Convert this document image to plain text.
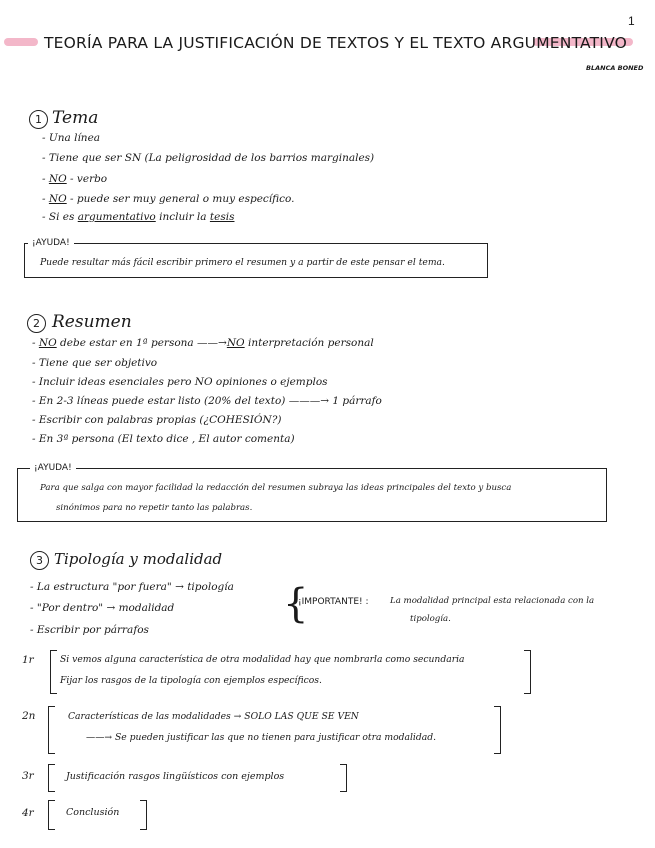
TEORÍA PARA LA JUSTIFICACIÓN DE TEXTOS Y EL TEXTO ARGUMENTATIVO
1
BLANCA BONED
1 Tema
- Una línea
- Tiene que ser SN (La peligrosidad de los barrios marginales)
- NO - verbo
- NO - puede ser muy general o muy específico.
- Si es argumentativo incluir la tesis
¡AYUDA!
Puede resultar más fácil escribir primero el resumen y a partir de este pensar el tema.
2 Resumen
- NO debe estar en 1ª persona ——→NO interpretación personal
- Tiene que ser objetivo
- Incluir ideas esenciales pero NO opiniones o ejemplos
- En 2-3 líneas puede estar listo (20% del texto) ———→ 1 párrafo
- Escribir con palabras propias (¿COHESIÓN?)
- En 3ª persona (El texto dice , El autor comenta)
¡AYUDA!
Para que salga con mayor facilidad la redacción del resumen subraya las ideas principales del texto y busca
sinónimos para no repetir tanto las palabras.
3 Tipología y modalidad
- La estructura "por fuera" → tipología
- "Por dentro" → modalidad
- Escribir por párrafos
{
¡IMPORTANTE! : La modalidad principal esta relacionada con la
tipología.
1r	Si vemos alguna característica de otra modalidad hay que nombrarla como secundaria
Fijar los rasgos de la tipología con ejemplos específicos.
2n	Características de las modalidades → SOLO LAS QUE SE VEN
——→ Se pueden justificar las que no tienen para justificar otra modalidad.
3r	Justificación rasgos lingüísticos con ejemplos
4r	Conclusión
